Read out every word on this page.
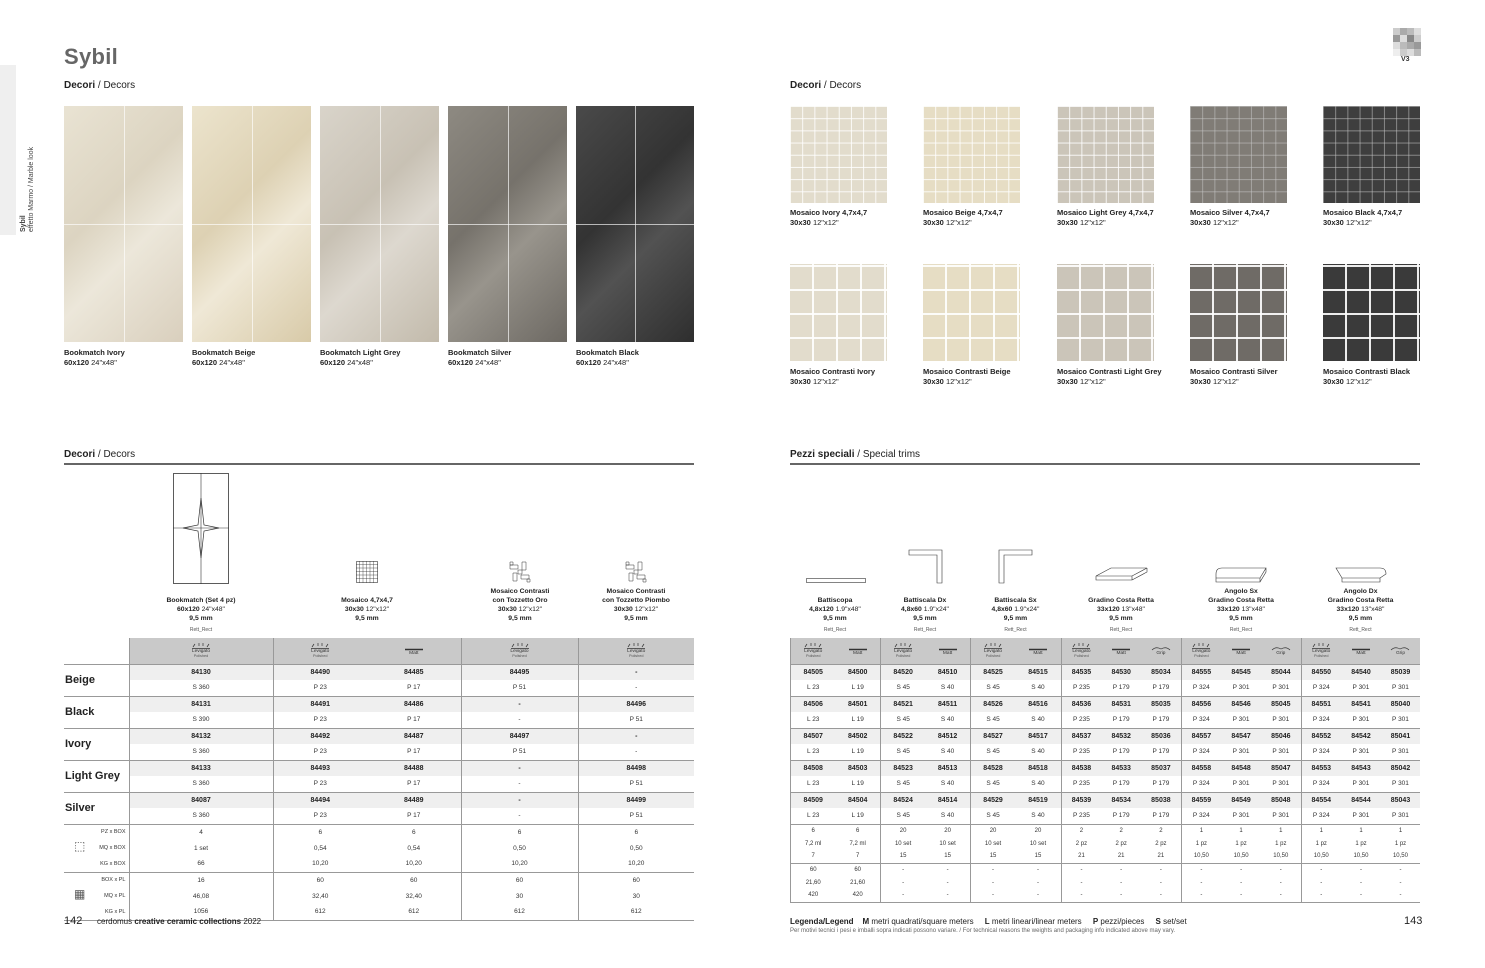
Sybil effetto Marmo / Marble look
Sybil	V3
Decori / Decors
Bookmatch Ivory
60x120 24"x48"
Bookmatch Beige
60x120 24"x48"
Bookmatch Light Grey
60x120 24"x48"
Bookmatch Silver
60x120 24"x48"
Bookmatch Black
60x120 24"x48"
Decori / Decors
Mosaico Ivory 4,7x4,7
30x30 12"x12"
Mosaico Beige 4,7x4,7
30x30 12"x12"
Mosaico Light Grey 4,7x4,7
30x30 12"x12"
Mosaico Silver 4,7x4,7
30x30 12"x12"
Mosaico Black 4,7x4,7
30x30 12"x12"
Mosaico Contrasti Ivory
30x30 12"x12"
Mosaico Contrasti Beige
30x30 12"x12"
Mosaico Contrasti Light Grey
30x30 12"x12"
Mosaico Contrasti Silver
30x30 12"x12"
Mosaico Contrasti Black
30x30 12"x12"
Decori / Decors
Bookmatch (Set 4 pz)
60x120 24"x48"
9,5 mm
Rett_Rect
Mosaico 4,7x4,7
30x30 12"x12"
9,5 mm
Mosaico Contrasti
con Tozzetto Oro
30x30 12"x12"
9,5 mm
Mosaico Contrasti
con Tozzetto Piombo
30x30 12"x12"
9,5 mm

	Levigato
Polished	Levigato
Polished	Matt	Levigato
Polished	Levigato
Polished

Beige	84130	84490	84485	84495	-
	S 360	P 23	P 17	P 51	-
Black	84131	84491	84486	-	84496
	S 390	P 23	P 17	-	P 51
Ivory	84132	84492	84487	84497	-
	S 360	P 23	P 17	P 51	-
Light Grey	84133	84493	84488	-	84498
	S 360	P 23	P 17	-	P 51
Silver	84087	84494	84489	-	84499
	S 360	P 23	P 17	-	P 51
PZ x BOX	4	6	6	6	6

⬚ MQ x BOX	1 set	0,54	0,54	0,50	0,50
KG x BOX	66	10,20	10,20	10,20	10,20
BOX x PL	16	60	60	60	60

▦ MQ x PL	46,08	32,40	32,40	30	30
KG x PL	1056	612	612	612	612
Pezzi speciali / Special trims
Battiscopa
4,8x120 1.9"x48"
9,5 mm
Rett_Rect
Battiscala Dx
4,8x60 1.9"x24"
9,5 mm
Rett_Rect
Battiscala Sx
4,8x60 1.9"x24"
9,5 mm
Rett_Rect
Gradino Costa Retta
33x120 13"x48"
9,5 mm
Rett_Rect
Angolo Sx
Gradino Costa Retta
33x120 13"x48"
9,5 mm
Rett_Rect
Angolo Dx
Gradino Costa Retta
33x120 13"x48"
9,5 mm
Rett_Rect
Levigato
Polished	Matt	Levigato
Polished	Matt	Levigato
Polished	Matt	Levigato
Polished	Matt	Grip	Levigato
Polished	Matt	Grip	Levigato
Polished	Matt	Grip

84505	84500	84520	84510	84525	84515	84535	84530	85034	84555	84545	85044	84550	84540	85039
L 23	L 19	S 45	S 40	S 45	S 40	P 235	P 179	P 179	P 324	P 301	P 301	P 324	P 301	P 301
84506	84501	84521	84511	84526	84516	84536	84531	85035	84556	84546	85045	84551	84541	85040
L 23	L 19	S 45	S 40	S 45	S 40	P 235	P 179	P 179	P 324	P 301	P 301	P 324	P 301	P 301
84507	84502	84522	84512	84527	84517	84537	84532	85036	84557	84547	85046	84552	84542	85041
L 23	L 19	S 45	S 40	S 45	S 40	P 235	P 179	P 179	P 324	P 301	P 301	P 324	P 301	P 301
84508	84503	84523	84513	84528	84518	84538	84533	85037	84558	84548	85047	84553	84543	85042
L 23	L 19	S 45	S 40	S 45	S 40	P 235	P 179	P 179	P 324	P 301	P 301	P 324	P 301	P 301
84509	84504	84524	84514	84529	84519	84539	84534	85038	84559	84549	85048	84554	84544	85043
L 23	L 19	S 45	S 40	S 45	S 40	P 235	P 179	P 179	P 324	P 301	P 301	P 324	P 301	P 301
6	6	20	20	20	20	2	2	2	1	1	1	1	1	1
7,2 ml	7,2 ml	10 set	10 set	10 set	10 set	2 pz	2 pz	2 pz	1 pz	1 pz	1 pz	1 pz	1 pz	1 pz
7	7	15	15	15	15	21	21	21	10,50	10,50	10,50	10,50	10,50	10,50
60	60	-	-	-	-	-	-	-	-	-	-	-	-	-
21,60	21,60	-	-	-	-	-	-	-	-	-	-	-	-	-
420	420	-	-	-	-	-	-	-	-	-	-	-	-	-
142 cerdomus creative ceramic collections 2022	143
Legenda/Legend M metri quadrati/square meters L metri lineari/linear meters P pezzi/pieces S set/set
Per motivi tecnici i pesi e imballi sopra indicati possono variare. / For technical reasons the weights and packaging info indicated above may vary.
